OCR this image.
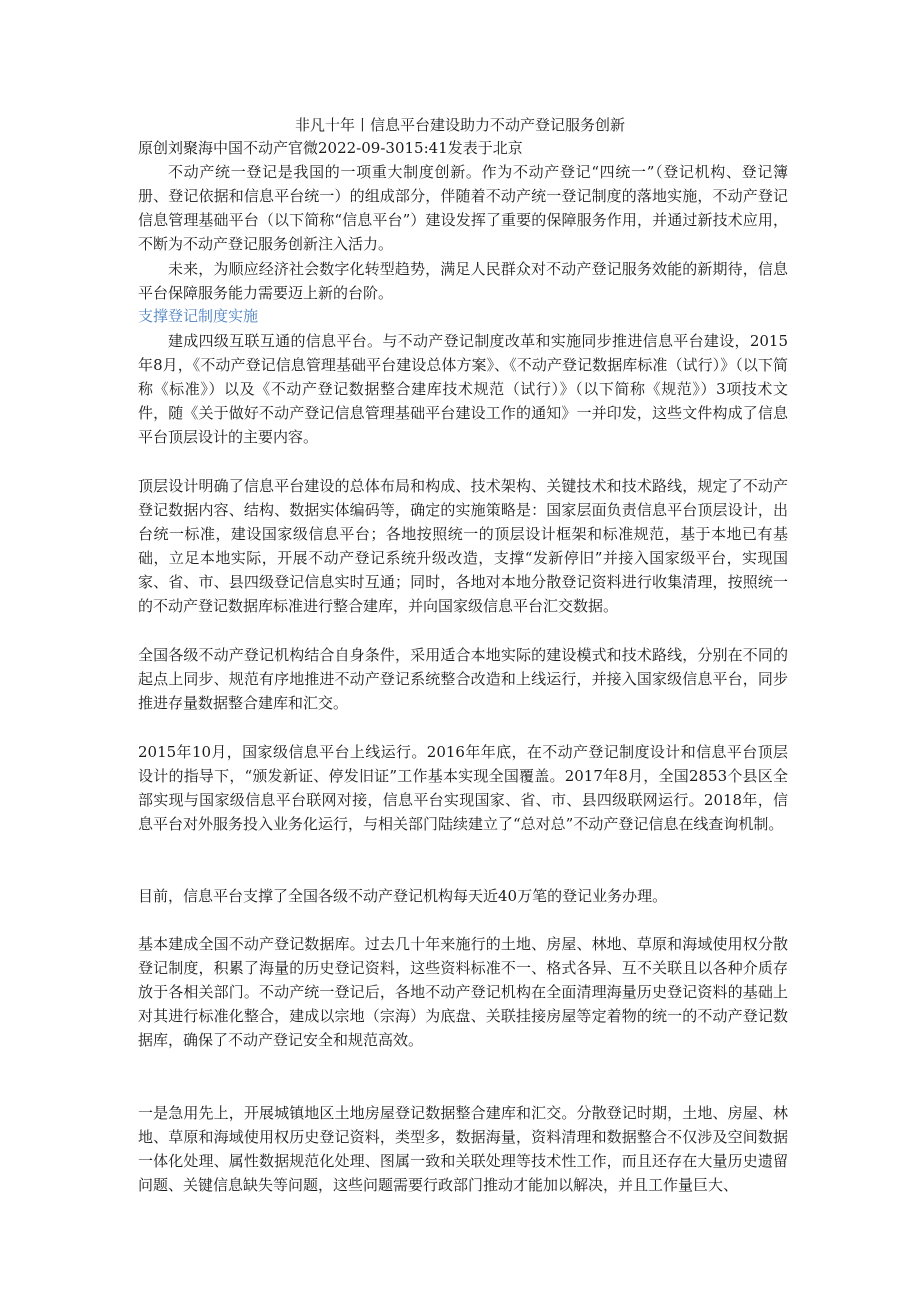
非凡十年丨信息平台建设助力不动产登记服务创新
原创刘聚海中国不动产官微2022-09-3015:41发表于北京
不动产统一登记是我国的一项重大制度创新。作为不动产登记“四统一”（登记机构、登记簿册、登记依据和信息平台统一）的组成部分，伴随着不动产统一登记制度的落地实施，不动产登记信息管理基础平台（以下简称“信息平台”）建设发挥了重要的保障服务作用，并通过新技术应用，不断为不动产登记服务创新注入活力。
未来，为顺应经济社会数字化转型趋势，满足人民群众对不动产登记服务效能的新期待，信息平台保障服务能力需要迈上新的台阶。
支撑登记制度实施
建成四级互联互通的信息平台。与不动产登记制度改革和实施同步推进信息平台建设，2015年8月，《不动产登记信息管理基础平台建设总体方案》、《不动产登记数据库标准（试行）》（以下简称《标准》）以及《不动产登记数据整合建库技术规范（试行）》（以下简称《规范》）3项技术文件，随《关于做好不动产登记信息管理基础平台建设工作的通知》一并印发，这些文件构成了信息平台顶层设计的主要内容。
顶层设计明确了信息平台建设的总体布局和构成、技术架构、关键技术和技术路线，规定了不动产登记数据内容、结构、数据实体编码等，确定的实施策略是：国家层面负责信息平台顶层设计，出台统一标准，建设国家级信息平台；各地按照统一的顶层设计框架和标准规范，基于本地已有基础，立足本地实际，开展不动产登记系统升级改造，支撑“发新停旧”并接入国家级平台，实现国家、省、市、县四级登记信息实时互通；同时，各地对本地分散登记资料进行收集清理，按照统一的不动产登记数据库标准进行整合建库，并向国家级信息平台汇交数据。
全国各级不动产登记机构结合自身条件，采用适合本地实际的建设模式和技术路线，分别在不同的起点上同步、规范有序地推进不动产登记系统整合改造和上线运行，并接入国家级信息平台，同步推进存量数据整合建库和汇交。
2015年10月，国家级信息平台上线运行。2016年年底，在不动产登记制度设计和信息平台顶层设计的指导下，“颁发新证、停发旧证”工作基本实现全国覆盖。2017年8月，全国2853个县区全部实现与国家级信息平台联网对接，信息平台实现国家、省、市、县四级联网运行。2018年，信息平台对外服务投入业务化运行，与相关部门陆续建立了“总对总”不动产登记信息在线查询机制。
目前，信息平台支撑了全国各级不动产登记机构每天近40万笔的登记业务办理。
基本建成全国不动产登记数据库。过去几十年来施行的土地、房屋、林地、草原和海域使用权分散登记制度，积累了海量的历史登记资料，这些资料标准不一、格式各异、互不关联且以各种介质存放于各相关部门。不动产统一登记后，各地不动产登记机构在全面清理海量历史登记资料的基础上对其进行标准化整合，建成以宗地（宗海）为底盘、关联挂接房屋等定着物的统一的不动产登记数据库，确保了不动产登记安全和规范高效。
一是急用先上，开展城镇地区土地房屋登记数据整合建库和汇交。分散登记时期，土地、房屋、林地、草原和海域使用权历史登记资料，类型多，数据海量，资料清理和数据整合不仅涉及空间数据一体化处理、属性数据规范化处理、图属一致和关联处理等技术性工作，而且还存在大量历史遗留问题、关键信息缺失等问题，这些问题需要行政部门推动才能加以解决，并且工作量巨大、
